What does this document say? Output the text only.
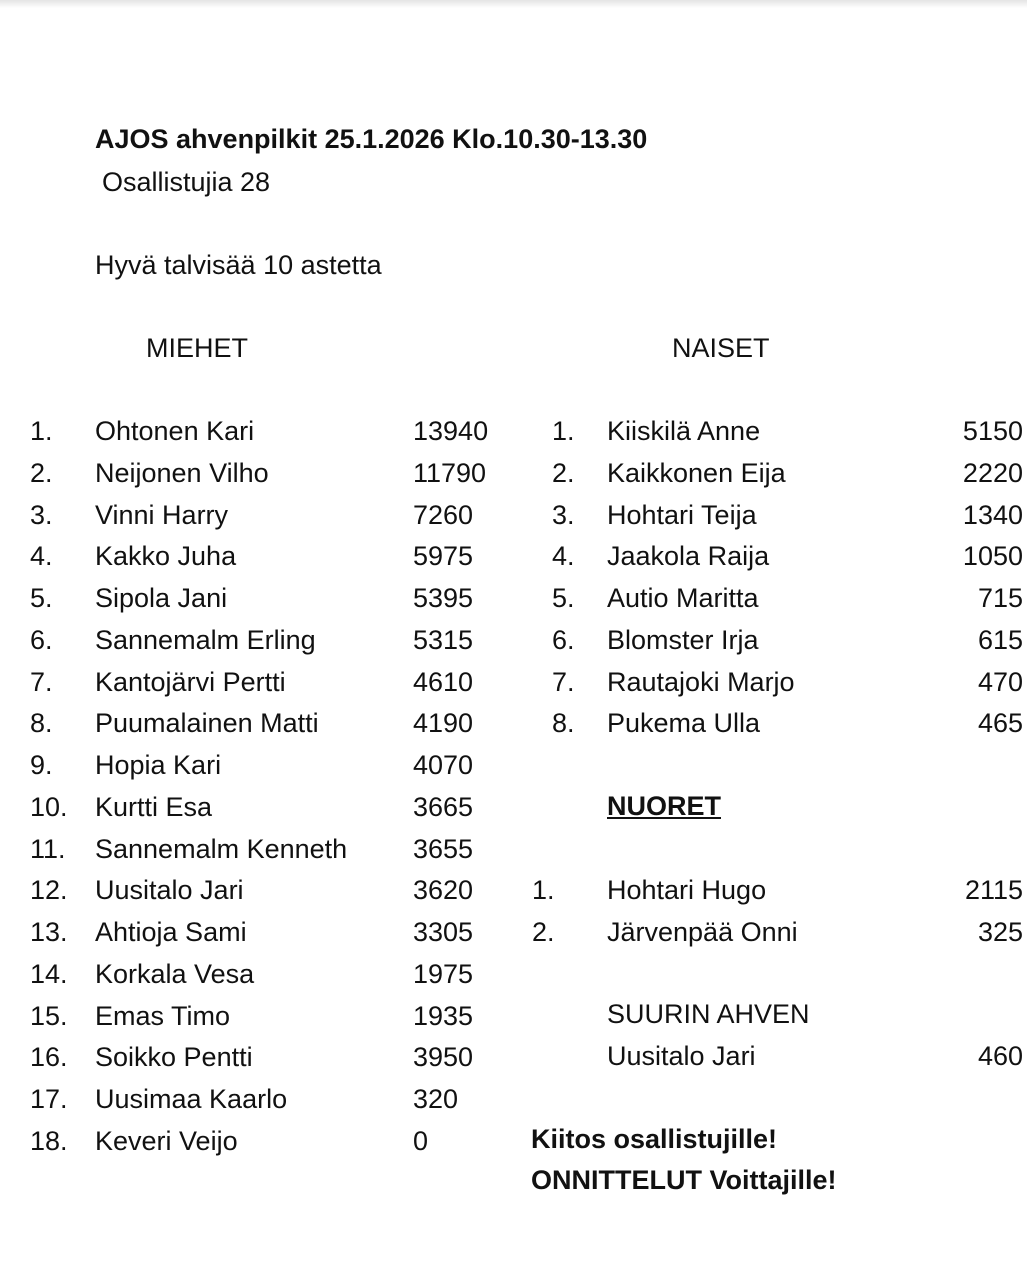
AJOS ahvenpilkit 25.1.2026 Klo.10.30-13.30
Osallistujia 28
Hyvä talvisää 10 astetta
MIEHET	NAISET
1. Ohtonen Kari	13940
2. Neijonen Vilho	11790
3. Vinni Harry	7260
4. Kakko Juha	5975
5. Sipola Jani	5395
6. Sannemalm Erling	5315
7. Kantojärvi Pertti	4610
8. Puumalainen Matti	4190
9. Hopia Kari	4070
10. Kurtti Esa	3665
11. Sannemalm Kenneth 3655
12. Uusitalo Jari	3620
13. Ahtioja Sami	3305
14. Korkala Vesa	1975
15. Emas Timo	1935
16. Soikko Pentti	3950
17. Uusimaa Kaarlo	320
18. Keveri Veijo	0
1. Kiiskilä Anne	5150
2. Kaikkonen Eija	2220
3. Hohtari Teija	1340
4. Jaakola Raija	1050
5. Autio Maritta	715
6. Blomster Irja	615
7. Rautajoki Marjo	470
8. Pukema Ulla	465
NUORET
1. Hohtari Hugo	2115
2. Järvenpää Onni	325
SUURIN AHVEN
Uusitalo Jari	460
Kiitos osallistujille!
ONNITTELUT Voittajille!
